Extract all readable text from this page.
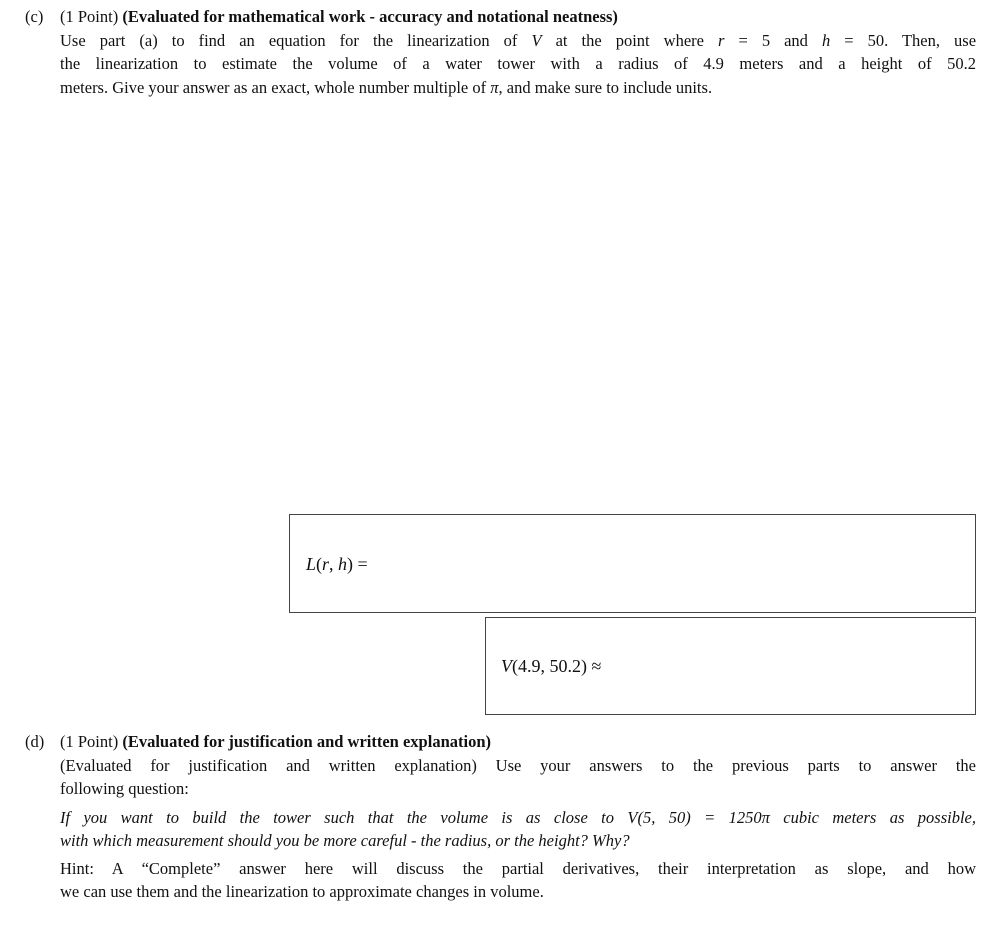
(c) (1 Point) (Evaluated for mathematical work - accuracy and notational neatness)
Use part (a) to find an equation for the linearization of V at the point where r = 5 and h = 50. Then, use
the linearization to estimate the volume of a water tower with a radius of 4.9 meters and a height of 50.2
meters. Give your answer as an exact, whole number multiple of π, and make sure to include units.
L(r, h) =
V(4.9, 50.2) ≈
(d) (1 Point) (Evaluated for justification and written explanation)
(Evaluated for justification and written explanation) Use your answers to the previous parts to answer the
following question:
If you want to build the tower such that the volume is as close to V(5, 50) = 1250π cubic meters as possible,
with which measurement should you be more careful - the radius, or the height? Why?
Hint: A “Complete” answer here will discuss the partial derivatives, their interpretation as slope, and how
we can use them and the linearization to approximate changes in volume.
